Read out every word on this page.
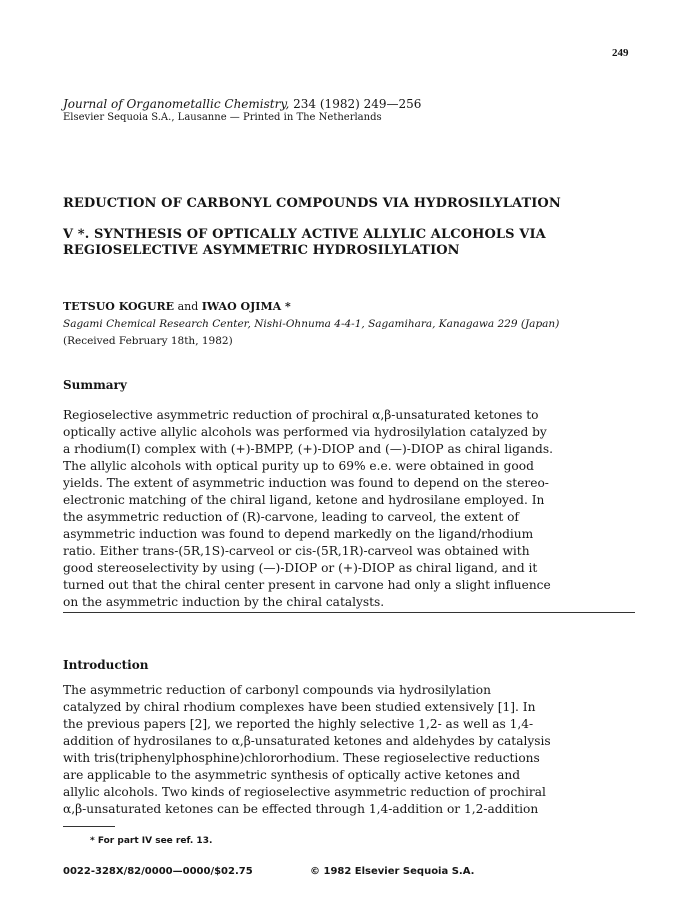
249
Journal of Organometallic Chemistry, 234 (1982) 249—256
Elsevier Sequoia S.A., Lausanne — Printed in The Netherlands
REDUCTION OF CARBONYL COMPOUNDS VIA HYDROSILYLATION
V *. SYNTHESIS OF OPTICALLY ACTIVE ALLYLIC ALCOHOLS VIA
REGIOSELECTIVE ASYMMETRIC HYDROSILYLATION
TETSUO KOGURE and IWAO OJIMA *
Sagami Chemical Research Center, Nishi-Ohnuma 4-4-1, Sagamihara, Kanagawa 229 (Japan)
(Received February 18th, 1982)
Summary
Regioselective asymmetric reduction of prochiral α,β-unsaturated ketones to
optically active allylic alcohols was performed via hydrosilylation catalyzed by
a rhodium(I) complex with (+)-BMPP, (+)-DIOP and (—)-DIOP as chiral ligands.
The allylic alcohols with optical purity up to 69% e.e. were obtained in good
yields. The extent of asymmetric induction was found to depend on the stereo-
electronic matching of the chiral ligand, ketone and hydrosilane employed. In
the asymmetric reduction of (R)-carvone, leading to carveol, the extent of
asymmetric induction was found to depend markedly on the ligand/rhodium
ratio. Either trans-(5R,1S)-carveol or cis-(5R,1R)-carveol was obtained with
good stereoselectivity by using (—)-DIOP or (+)-DIOP as chiral ligand, and it
turned out that the chiral center present in carvone had only a slight influence
on the asymmetric induction by the chiral catalysts.
Introduction
The asymmetric reduction of carbonyl compounds via hydrosilylation
catalyzed by chiral rhodium complexes have been studied extensively [1]. In
the previous papers [2], we reported the highly selective 1,2- as well as 1,4-
addition of hydrosilanes to α,β-unsaturated ketones and aldehydes by catalysis
with tris(triphenylphosphine)chlororhodium. These regioselective reductions
are applicable to the asymmetric synthesis of optically active ketones and
allylic alcohols. Two kinds of regioselective asymmetric reduction of prochiral
α,β-unsaturated ketones can be effected through 1,4-addition or 1,2-addition
* For part IV see ref. 13.
0022-328X/82/0000—0000/$02.75	© 1982 Elsevier Sequoia S.A.
